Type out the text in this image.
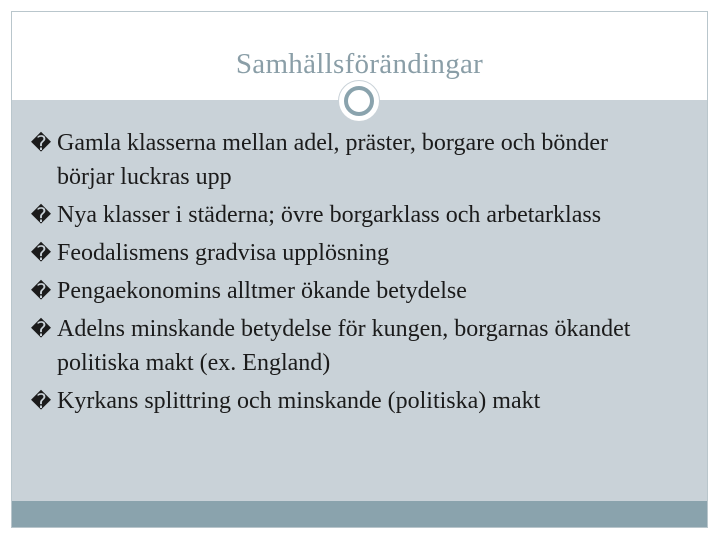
Samhällsförändingar
� Gamla klasserna mellan adel, präster, borgare och bönder börjar luckras upp
� Nya klasser i städerna; övre borgarklass och arbetarklass
� Feodalismens gradvisa upplösning
� Pengaekonomins alltmer ökande betydelse
� Adelns minskande betydelse för kungen, borgarnas ökandet politiska makt (ex. England)
� Kyrkans splittring och minskande (politiska) makt
